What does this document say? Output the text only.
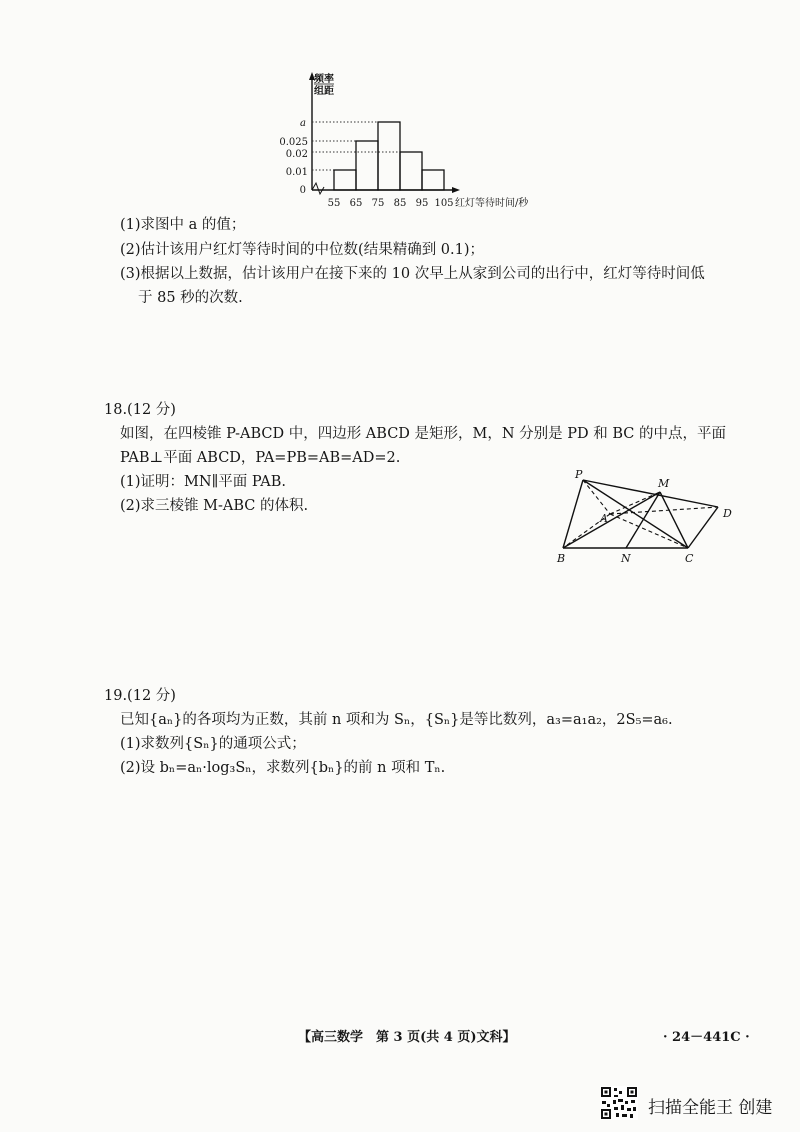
频率
组距
a
0.025
0.02
0.01
0
55 65 75 85 95 105 红灯等待时间/秒
(1)求图中 a 的值；
(2)估计该用户红灯等待时间的中位数(结果精确到 0.1)；
(3)根据以上数据，估计该用户在接下来的 10 次早上从家到公司的出行中，红灯等待时间低
于 85 秒的次数.
18.(12 分)
如图，在四棱锥 P-ABCD 中，四边形 ABCD 是矩形，M，N 分别是 PD 和 BC 的中点，平面
PAB⊥平面 ABCD，PA=PB=AB=AD=2.
(1)证明：MN∥平面 PAB.
(2)求三棱锥 M-ABC 的体积.
P
M
A	D
B	N	C
19.(12 分)
已知{aₙ}的各项均为正数，其前 n 项和为 Sₙ，{Sₙ}是等比数列，a₃=a₁a₂，2S₅=a₆.
(1)求数列{Sₙ}的通项公式；
(2)设 bₙ=aₙ·log₃Sₙ，求数列{bₙ}的前 n 项和 Tₙ.
【高三数学　第 3 页(共 4 页)文科】	· 24－441C ·
扫描全能王 创建
